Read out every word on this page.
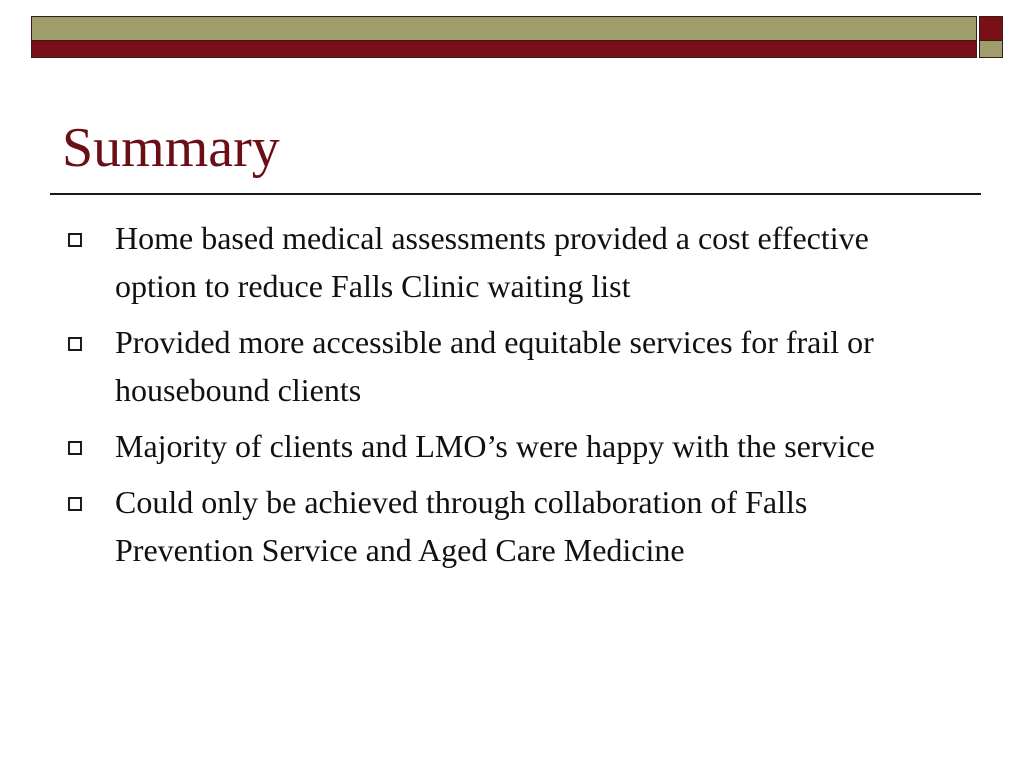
Summary
Home based medical assessments provided a cost effective option to reduce Falls Clinic waiting list
Provided more accessible and equitable services for frail or housebound clients
Majority of clients and LMO’s were happy with the service
Could only be achieved through collaboration of Falls Prevention Service and Aged Care Medicine
